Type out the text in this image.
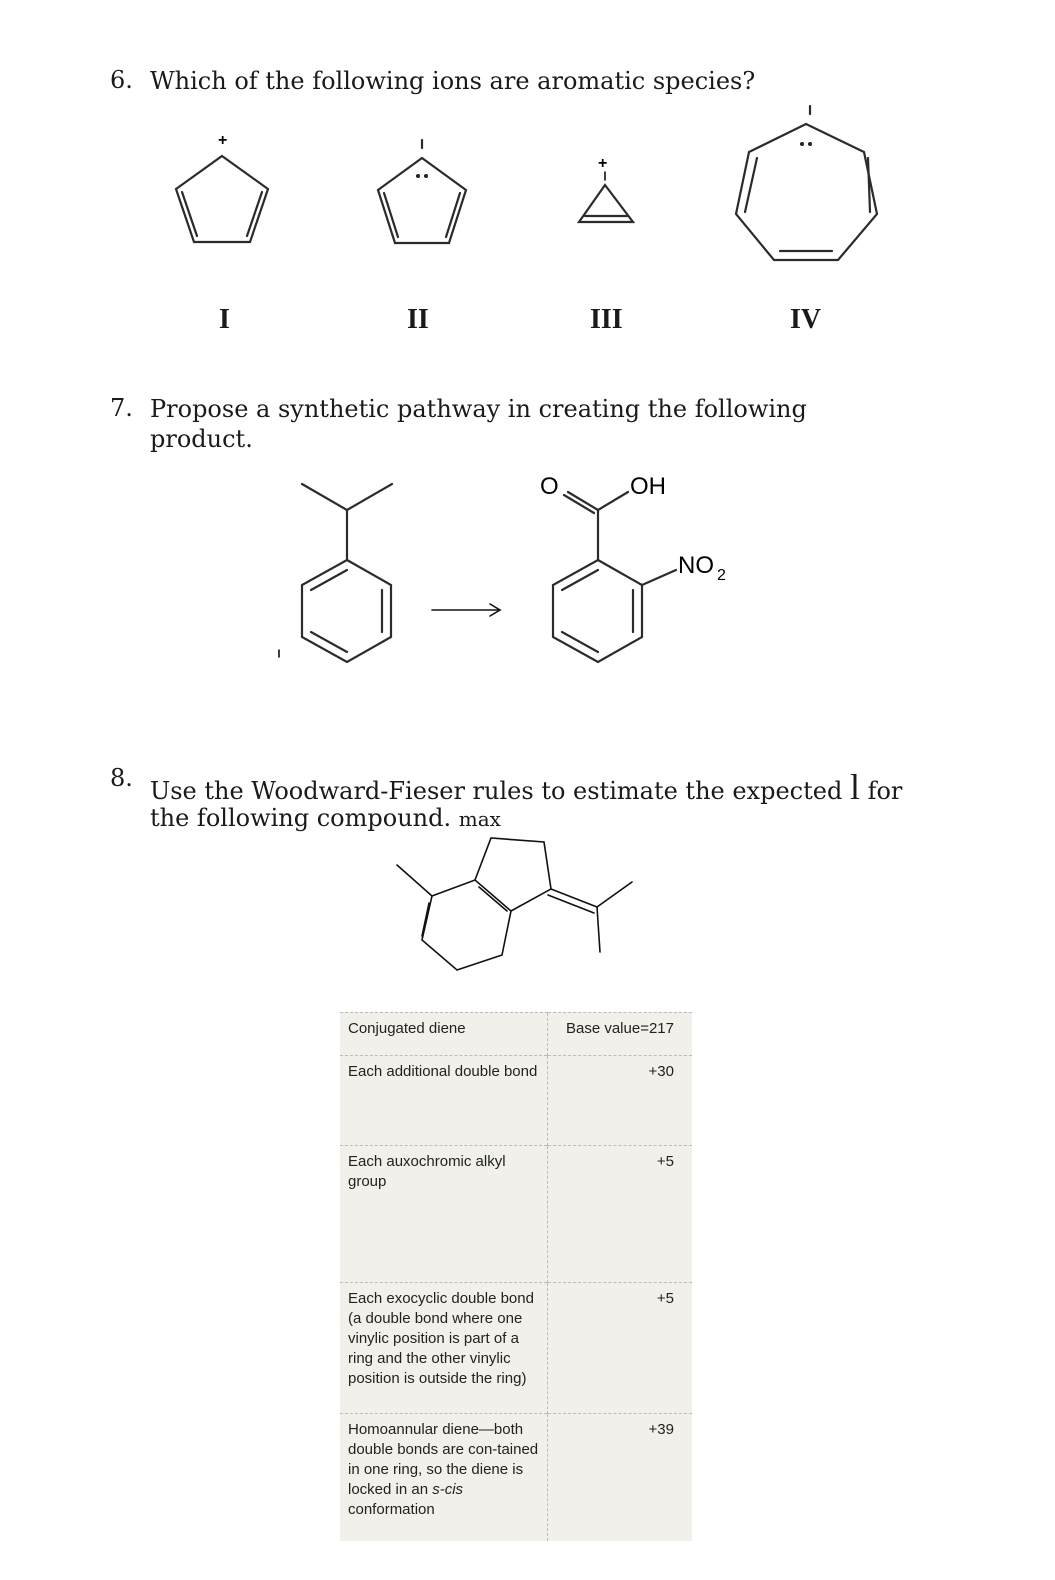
6. Which of the following ions are aromatic species?
+
+
I	II	III	IV
7. Propose a synthetic pathway in creating the following
product.
O	OH
NO 2
8. Use the Woodward-Fieser rules to estimate the expected l for
the following compound. max
Conjugated diene	Base value=217
Each additional double bond	+30
Each auxochromic alkyl group	+5
Each exocyclic double bond (a double bond where one vinylic position is part of a ring and the other vinylic position is outside the ring)	+5
Homoannular diene—both double bonds are con-tained in one ring, so the diene is locked in an s-cis conformation	+39
